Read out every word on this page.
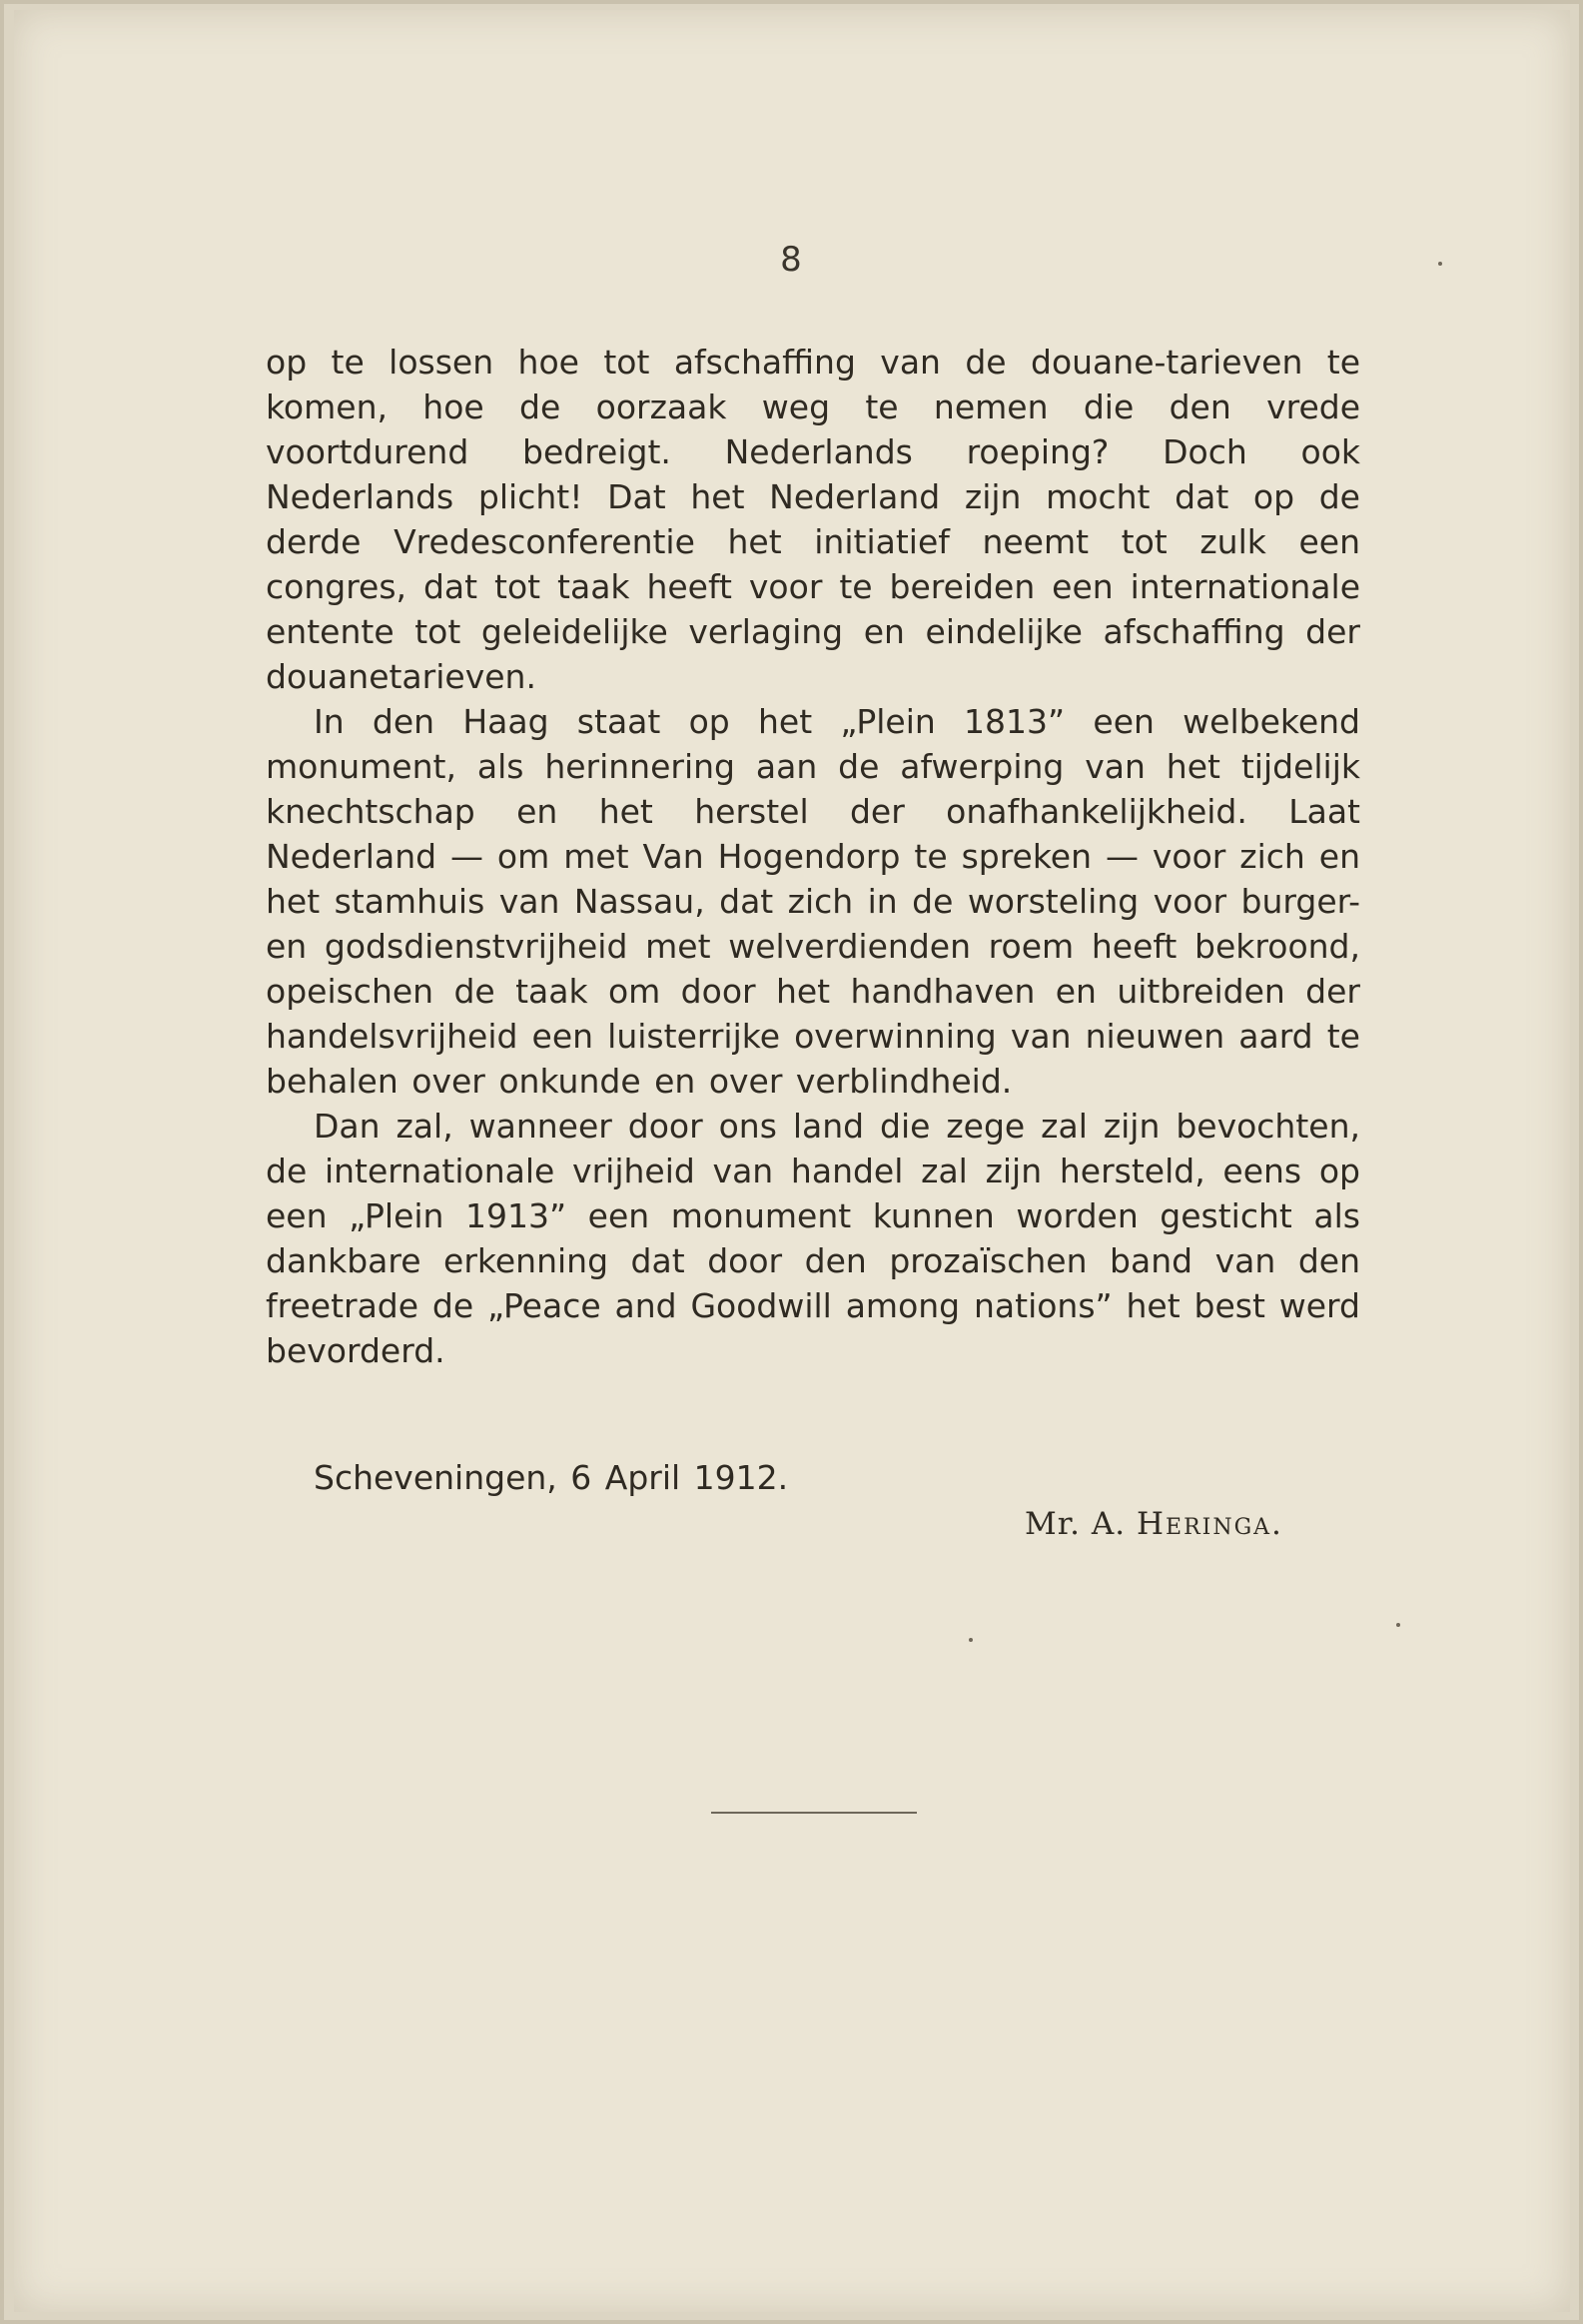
8

op te lossen hoe tot afschaffing van de douane-tarieven te komen, hoe de oorzaak weg te nemen die den vrede voortdurend bedreigt. Nederlands roeping? Doch ook Nederlands plicht! Dat het Nederland zijn mocht dat op de derde Vredesconferentie het initiatief neemt tot zulk een congres, dat tot taak heeft voor te bereiden een internationale entente tot geleidelijke verlaging en eindelijke afschaffing der douanetarieven.

In den Haag staat op het „Plein 1813” een welbekend monument, als herinnering aan de afwerping van het tijdelijk knechtschap en het herstel der onafhankelijkheid. Laat Nederland — om met Van Hogendorp te spreken — voor zich en het stamhuis van Nassau, dat zich in de worsteling voor burger- en godsdienstvrijheid met welverdienden roem heeft bekroond, opeischen de taak om door het handhaven en uitbreiden der handelsvrijheid een luisterrijke overwinning van nieuwen aard te behalen over onkunde en over verblindheid.

Dan zal, wanneer door ons land die zege zal zijn bevochten, de internationale vrijheid van handel zal zijn hersteld, eens op een „Plein 1913” een monument kunnen worden gesticht als dankbare erkenning dat door den prozaïschen band van den freetrade de „Peace and Goodwill among nations” het best werd bevorderd.

Scheveningen, 6 April 1912.
Mr. A. Heringa.
